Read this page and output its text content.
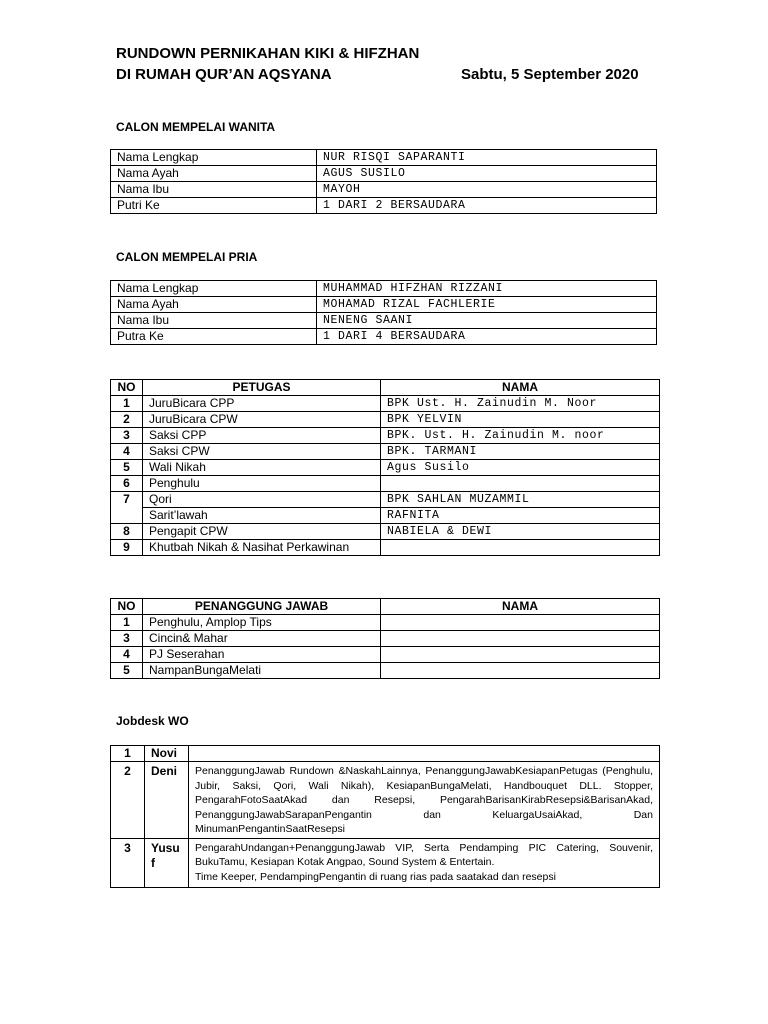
RUNDOWN PERNIKAHAN KIKI & HIFZHAN
DI RUMAH QUR’AN AQSYANA	Sabtu, 5 September 2020
CALON MEMPELAI WANITA
Nama Lengkap	NUR RISQI SAPARANTI
Nama Ayah	AGUS SUSILO
Nama Ibu	MAYOH
Putri Ke	1 DARI 2 BERSAUDARA
CALON MEMPELAI PRIA
Nama Lengkap	MUHAMMAD HIFZHAN RIZZANI
Nama Ayah	MOHAMAD RIZAL FACHLERIE
Nama Ibu	NENENG SAANI
Putra Ke	1 DARI 4 BERSAUDARA
NO	PETUGAS	NAMA
1	JuruBicara CPP	BPK Ust. H. Zainudin M. Noor
2	JuruBicara CPW	BPK YELVIN
3	Saksi CPP	BPK. Ust. H. Zainudin M. noor
4	Saksi CPW	BPK. TARMANI
5	Wali Nikah	Agus Susilo
6	Penghulu	
7	Qori	BPK SAHLAN MUZAMMIL
	Sarit’lawah	RAFNITA
8	Pengapit CPW	NABIELA & DEWI
9	Khutbah Nikah & Nasihat Perkawinan	
NO	PENANGGUNG JAWAB	NAMA
1	Penghulu, Amplop Tips	
3	Cincin& Mahar	
4	PJ Seserahan	
5	NampanBungaMelati	
Jobdesk WO
1	Novi	
2	Deni	PenanggungJawab Rundown &NaskahLainnya, PenanggungJawabKesiapanPetugas (Penghulu, Jubir, Saksi, Qori, Wali Nikah), KesiapanBungaMelati, Handbouquet DLL. Stopper, PengarahFotoSaatAkad dan Resepsi, PengarahBarisanKirabResepsi&BarisanAkad, PenanggungJawabSarapanPengantin dan KeluargaUsaiAkad, Dan MinumanPengantinSaatResepsi
3	Yusu f	PengarahUndangan+PenanggungJawab VIP, Serta Pendamping PIC Catering, Souvenir, BukuTamu, Kesiapan Kotak Angpao, Sound System & Entertain.
Time Keeper, PendampingPengantin di ruang rias pada saatakad dan resepsi
